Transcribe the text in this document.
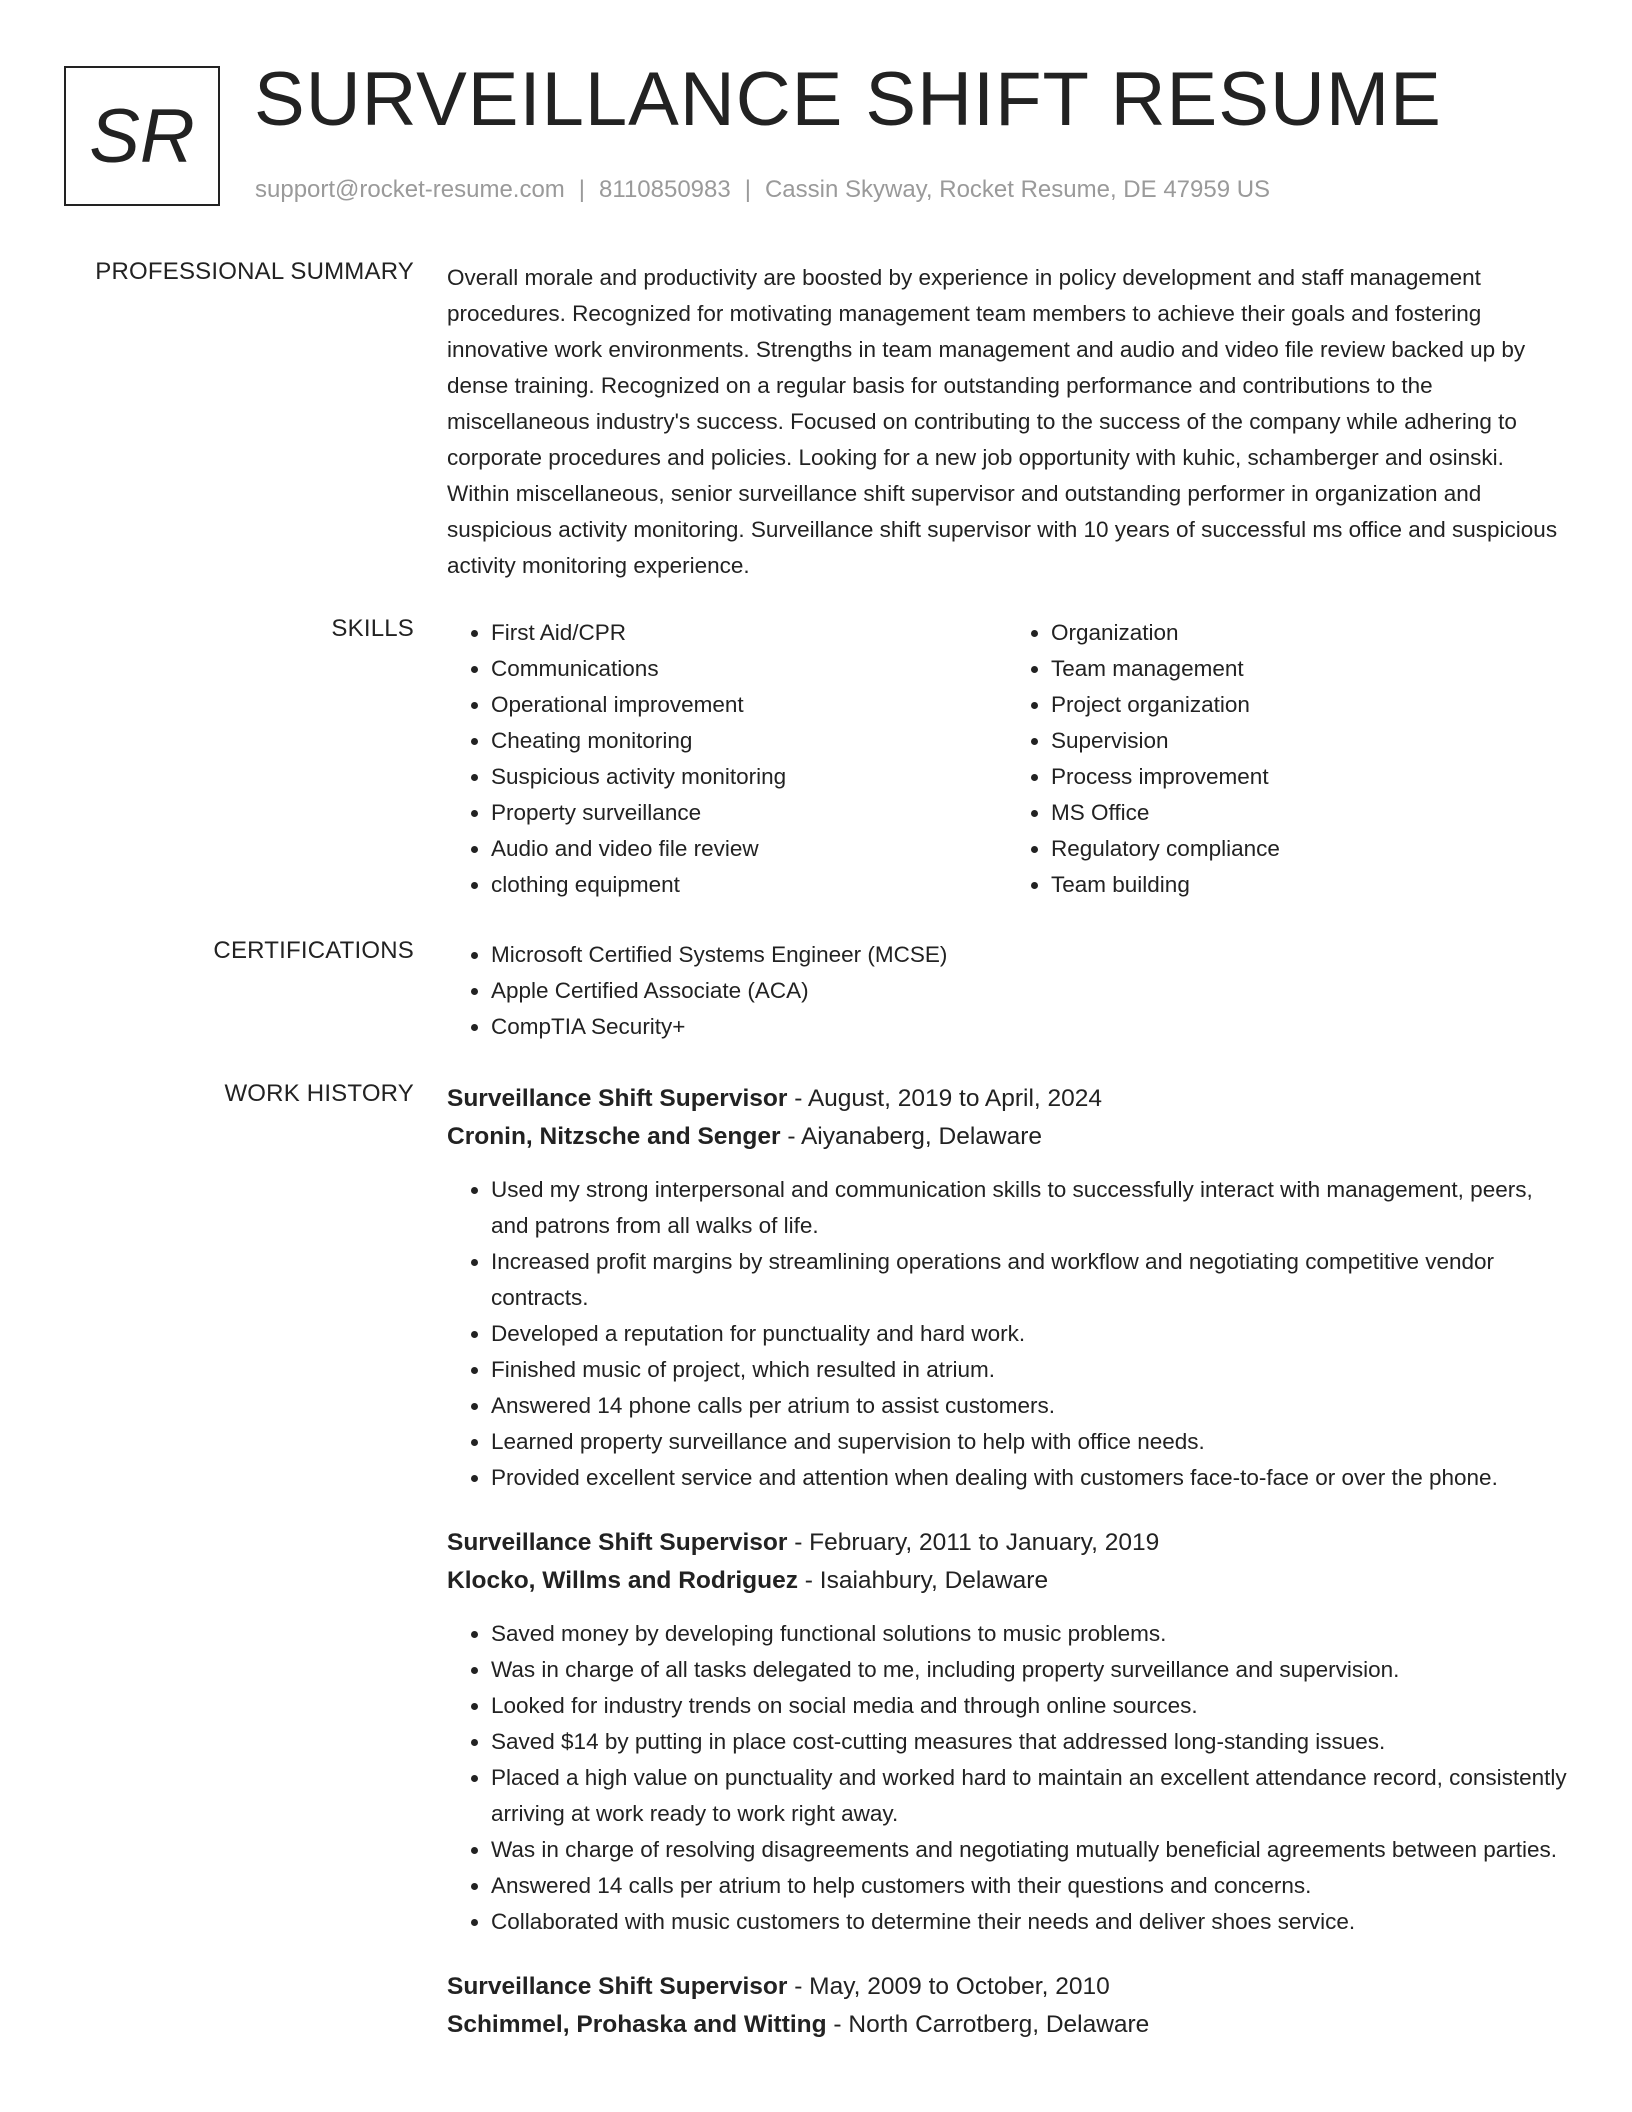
SR SURVEILLANCE SHIFT RESUME
support@rocket-resume.com | 8110850983 | Cassin Skyway, Rocket Resume, DE 47959 US
PROFESSIONAL SUMMARY Overall morale and productivity are boosted by experience in policy development and staff management procedures. Recognized for motivating management team members to achieve their goals and fostering innovative work environments. Strengths in team management and audio and video file review backed up by dense training. Recognized on a regular basis for outstanding performance and contributions to the miscellaneous industry's success. Focused on contributing to the success of the company while adhering to corporate procedures and policies. Looking for a new job opportunity with kuhic, schamberger and osinski. Within miscellaneous, senior surveillance shift supervisor and outstanding performer in organization and suspicious activity monitoring. Surveillance shift supervisor with 10 years of successful ms office and suspicious activity monitoring experience.

SKILLS	• First Aid/CPR
• Communications
• Operational improvement
• Cheating monitoring
• Suspicious activity monitoring
• Property surveillance
• Audio and video file review
• clothing equipment
• Organization
• Team management
• Project organization
• Supervision
• Process improvement
• MS Office
• Regulatory compliance
• Team building
CERTIFICATIONS	• Microsoft Certified Systems Engineer (MCSE)
• Apple Certified Associate (ACA)
• CompTIA Security+
WORK HISTORY Surveillance Shift Supervisor - August, 2019 to April, 2024
Cronin, Nitzsche and Senger - Aiyanaberg, Delaware
• Used my strong interpersonal and communication skills to successfully interact with management, peers, and patrons from all walks of life.
• Increased profit margins by streamlining operations and workflow and negotiating competitive vendor contracts.
• Developed a reputation for punctuality and hard work.
• Finished music of project, which resulted in atrium.
• Answered 14 phone calls per atrium to assist customers.
• Learned property surveillance and supervision to help with office needs.
• Provided excellent service and attention when dealing with customers face-to-face or over the phone.
Surveillance Shift Supervisor - February, 2011 to January, 2019
Klocko, Willms and Rodriguez - Isaiahbury, Delaware
• Saved money by developing functional solutions to music problems.
• Was in charge of all tasks delegated to me, including property surveillance and supervision.
• Looked for industry trends on social media and through online sources.
• Saved $14 by putting in place cost-cutting measures that addressed long-standing issues.
• Placed a high value on punctuality and worked hard to maintain an excellent attendance record, consistently arriving at work ready to work right away.
• Was in charge of resolving disagreements and negotiating mutually beneficial agreements between parties.
• Answered 14 calls per atrium to help customers with their questions and concerns.
• Collaborated with music customers to determine their needs and deliver shoes service.
Surveillance Shift Supervisor - May, 2009 to October, 2010
Schimmel, Prohaska and Witting - North Carrotberg, Delaware
